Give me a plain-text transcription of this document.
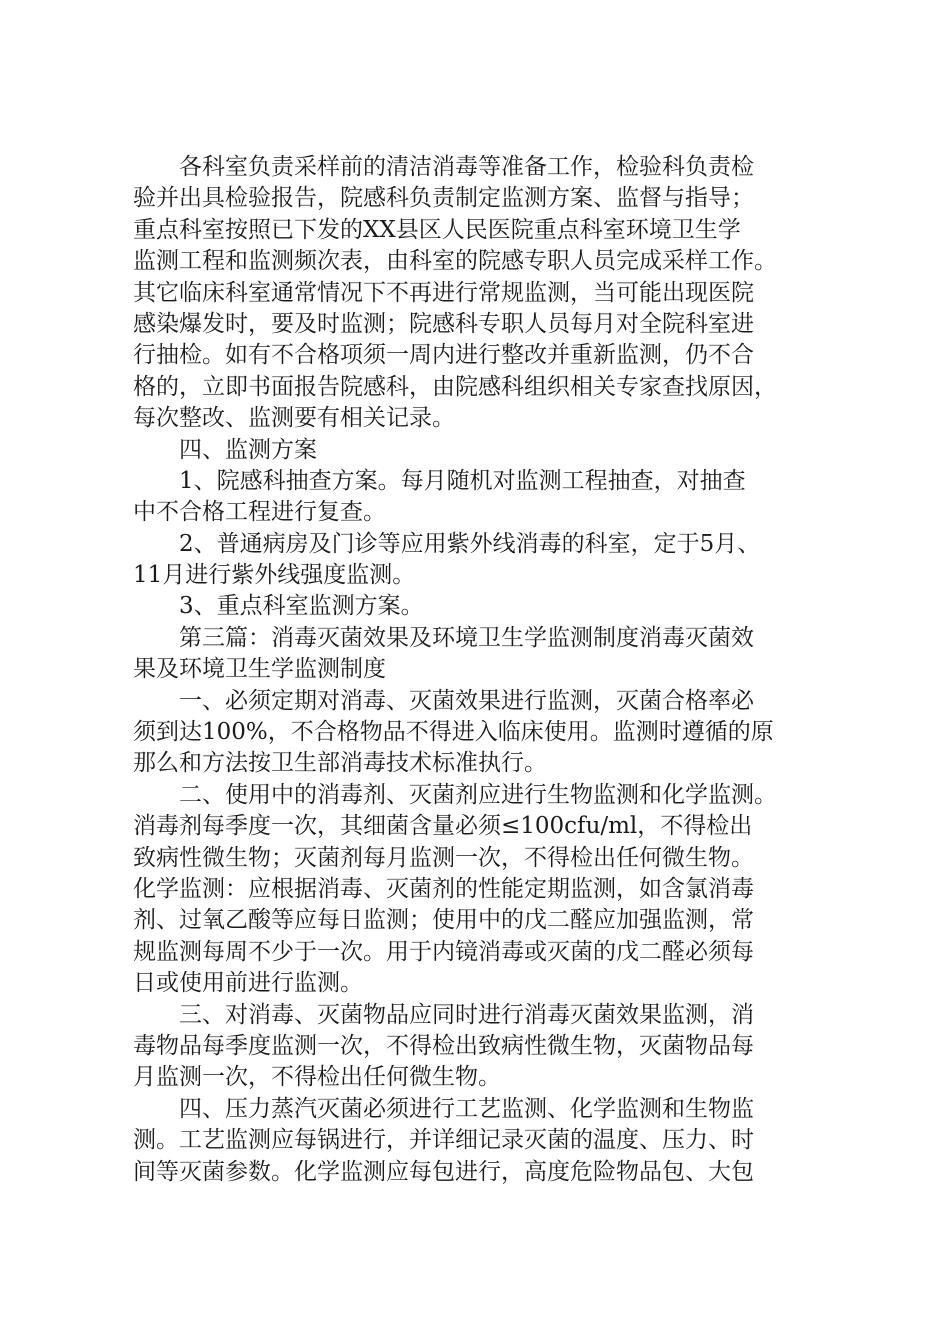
各科室负责采样前的清洁消毒等准备工作，检验科负责检
验并出具检验报告，院感科负责制定监测方案、监督与指导；
重点科室按照已下发的XX县区人民医院重点科室环境卫生学
监测工程和监测频次表，由科室的院感专职人员完成采样工作。
其它临床科室通常情况下不再进行常规监测，当可能出现医院
感染爆发时，要及时监测；院感科专职人员每月对全院科室进
行抽检。如有不合格项须一周内进行整改并重新监测，仍不合
格的，立即书面报告院感科，由院感科组织相关专家查找原因，
每次整改、监测要有相关记录。
四、监测方案
1、院感科抽查方案。每月随机对监测工程抽查，对抽查
中不合格工程进行复查。
2、普通病房及门诊等应用紫外线消毒的科室，定于5月、
11月进行紫外线强度监测。
3、重点科室监测方案。
第三篇：消毒灭菌效果及环境卫生学监测制度消毒灭菌效
果及环境卫生学监测制度
一、必须定期对消毒、灭菌效果进行监测，灭菌合格率必
须到达100%，不合格物品不得进入临床使用。监测时遵循的原
那么和方法按卫生部消毒技术标准执行。
二、使用中的消毒剂、灭菌剂应进行生物监测和化学监测。
消毒剂每季度一次，其细菌含量必须≤100cfu/ml，不得检出
致病性微生物；灭菌剂每月监测一次，不得检出任何微生物。
化学监测：应根据消毒、灭菌剂的性能定期监测，如含氯消毒
剂、过氧乙酸等应每日监测；使用中的戊二醛应加强监测，常
规监测每周不少于一次。用于内镜消毒或灭菌的戊二醛必须每
日或使用前进行监测。
三、对消毒、灭菌物品应同时进行消毒灭菌效果监测，消
毒物品每季度监测一次，不得检出致病性微生物，灭菌物品每
月监测一次，不得检出任何微生物。
四、压力蒸汽灭菌必须进行工艺监测、化学监测和生物监
测。工艺监测应每锅进行，并详细记录灭菌的温度、压力、时
间等灭菌参数。化学监测应每包进行，高度危险物品包、大包
